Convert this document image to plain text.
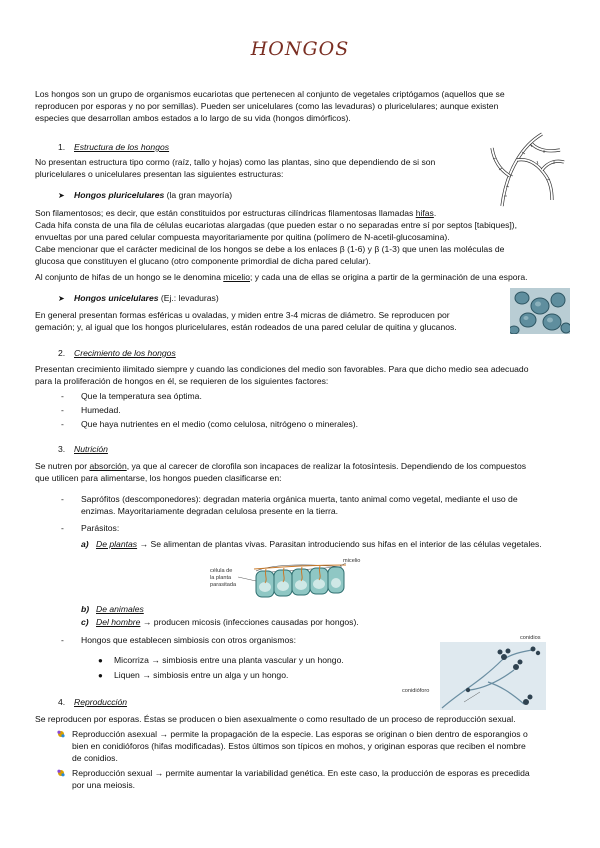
HONGOS
Los hongos son un grupo de organismos eucariotas que pertenecen al conjunto de vegetales criptógamos (aquellos que se
reproducen por esporas y no por semillas). Pueden ser unicelulares (como las levaduras) o pluricelulares; aunque existen
especies que desarrollan ambos estados a lo largo de su vida (hongos dimórficos).
1. Estructura de los hongos
No presentan estructura tipo cormo (raíz, tallo y hojas) como las plantas, sino que dependiendo de si son
pluricelulares o unicelulares presentan las siguientes estructuras:
➤ Hongos pluricelulares (la gran mayoría)
Son filamentosos; es decir, que están constituidos por estructuras cilíndricas filamentosas llamadas hifas.
Cada hifa consta de una fila de células eucariotas alargadas (que pueden estar o no separadas entre sí por septos [tabiques]),
envueltas por una pared celular compuesta mayoritariamente por quitina (polímero de N-acetil-glucosamina).
Cabe mencionar que el carácter medicinal de los hongos se debe a los enlaces β (1-6) y β (1-3) que unen las moléculas de
glucosa que constituyen el glucano (otro componente primordial de dicha pared celular).
Al conjunto de hifas de un hongo se le denomina micelio; y cada una de ellas se origina a partir de la germinación de una espora.
➤ Hongos unicelulares (Ej.: levaduras)
En general presentan formas esféricas u ovaladas, y miden entre 3-4 micras de diámetro. Se reproducen por
gemación; y, al igual que los hongos pluricelulares, están rodeados de una pared celular de quitina y glucanos.
2. Crecimiento de los hongos
Presentan crecimiento ilimitado siempre y cuando las condiciones del medio son favorables. Para que dicho medio sea adecuado
para la proliferación de hongos en él, se requieren de los siguientes factores:
- Que la temperatura sea óptima.
- Humedad.
- Que haya nutrientes en el medio (como celulosa, nitrógeno o minerales).
3. Nutrición
Se nutren por absorción, ya que al carecer de clorofila son incapaces de realizar la fotosíntesis. Dependiendo de los compuestos
que utilicen para alimentarse, los hongos pueden clasificarse en:
- Saprófitos (descomponedores): degradan materia orgánica muerta, tanto animal como vegetal, mediante el uso de
enzimas. Mayoritariamente degradan celulosa presente en la tierra.
- Parásitos:
a) De plantas → Se alimentan de plantas vivas. Parasitan introduciendo sus hifas en el interior de las células vegetales.
célula de
la planta
parasitada
micelio
b) De animales
c) Del hombre → producen micosis (infecciones causadas por hongos).
- Hongos que establecen simbiosis con otros organismos:
● Micorriza → simbiosis entre una planta vascular y un hongo.
● Liquen → simbiosis entre un alga y un hongo.
conidios
conidióforo
4. Reproducción
Se reproducen por esporas. Éstas se producen o bien asexualmente o como resultado de un proceso de reproducción sexual.
Reproducción asexual → permite la propagación de la especie. Las esporas se originan o bien dentro de esporangios o
bien en conidióforos (hifas modificadas). Estos últimos son típicos en mohos, y originan esporas que reciben el nombre
de conidios.
Reproducción sexual → permite aumentar la variabilidad genética. En este caso, la producción de esporas es precedida
por una meiosis.
